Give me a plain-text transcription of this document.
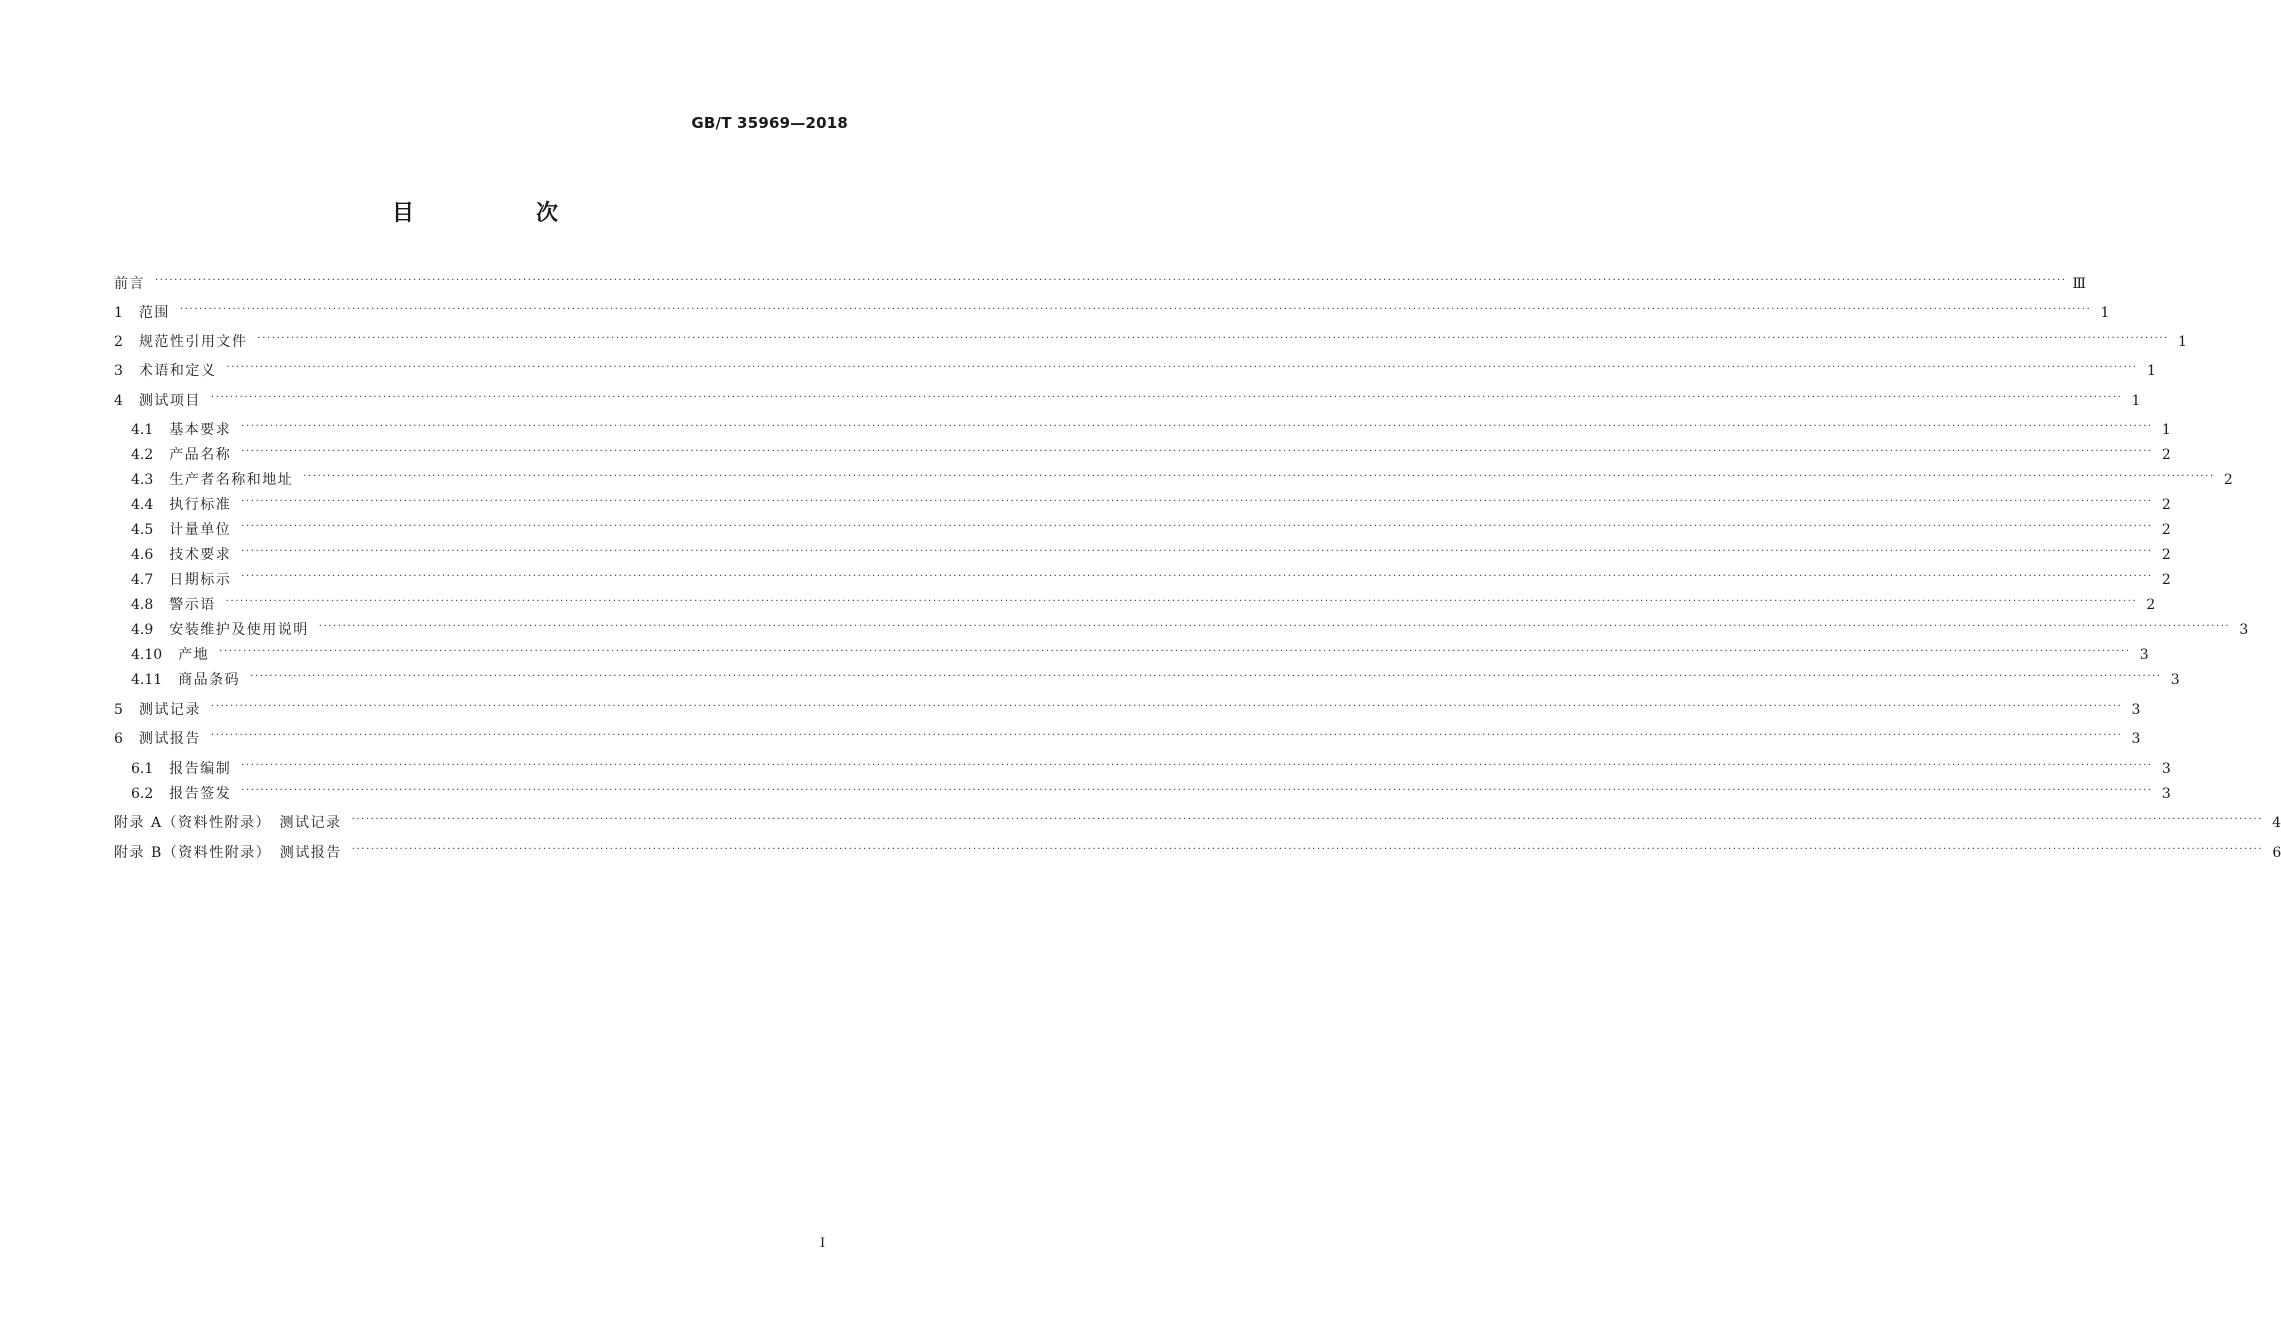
GB/T 35969—2018
目　次
前言 ················································································································································································································································································································································································································ Ⅲ
1 范围 ················································································································································································································································································································································································································ 1
2 规范性引用文件 ················································································································································································································································································································································································································ 1
3 术语和定义 ················································································································································································································································································································································································································ 1
4 测试项目 ················································································································································································································································································································································································································ 1
4.1 基本要求 ················································································································································································································································································································································································································ 1
4.2 产品名称 ················································································································································································································································································································································································································ 2
4.3 生产者名称和地址 ················································································································································································································································································································································································································ 2
4.4 执行标准 ················································································································································································································································································································································································································ 2
4.5 计量单位 ················································································································································································································································································································································································································ 2
4.6 技术要求 ················································································································································································································································································································································································································ 2
4.7 日期标示 ················································································································································································································································································································································································································ 2
4.8 警示语 ················································································································································································································································································································································································································ 2
4.9 安装维护及使用说明 ················································································································································································································································································································································································································ 3
4.10 产地 ················································································································································································································································································································································································································ 3
4.11 商品条码 ················································································································································································································································································································································································································ 3
5 测试记录 ················································································································································································································································································································································································································ 3
6 测试报告 ················································································································································································································································································································································································································ 3
6.1 报告编制 ················································································································································································································································································································································································································ 3
6.2 报告签发 ················································································································································································································································································································································································································ 3
附录 A（资料性附录）　测试记录 ················································································································································································································································································································································································································ 4
附录 B（资料性附录）　测试报告 ················································································································································································································································································································································································································ 6
I
